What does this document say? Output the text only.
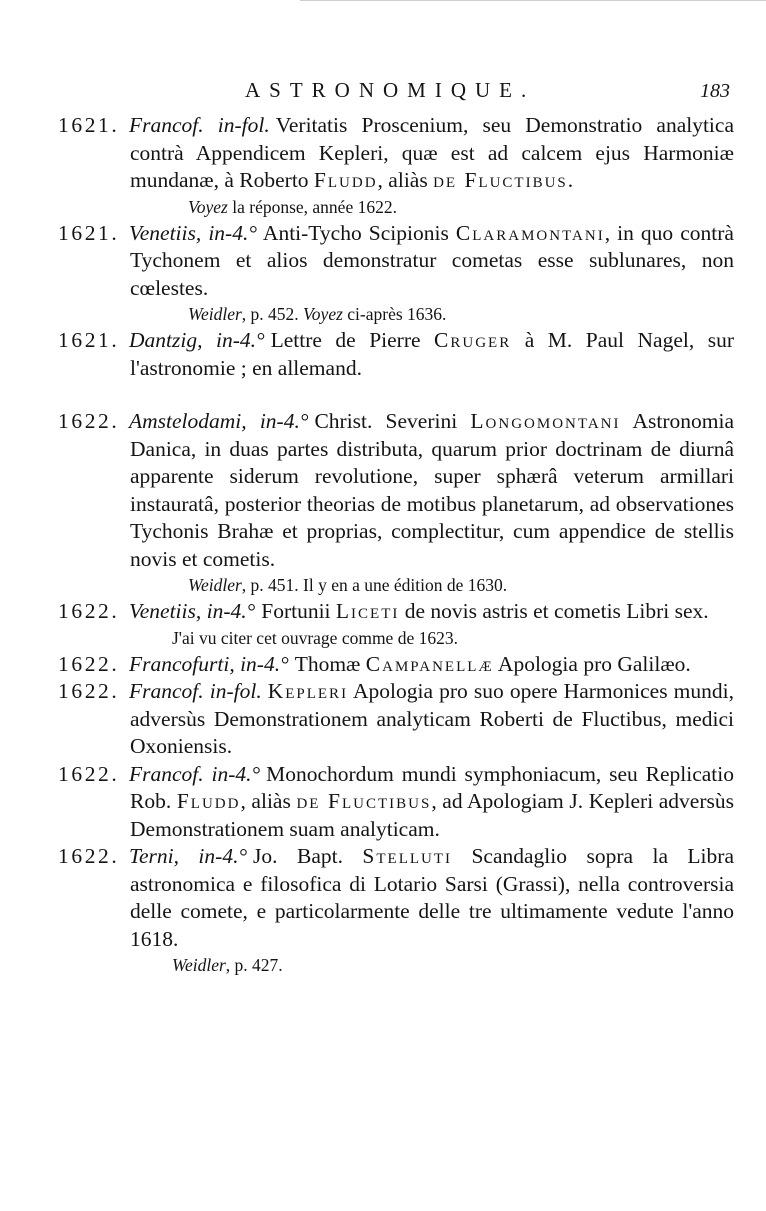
ASTRONOMIQUE.	183
1621. Francof. in-fol. Veritatis Proscenium, seu Demonstratio analytica contrà Appendicem Kepleri, quæ est ad calcem ejus Harmoniæ mundanæ, à Roberto Fludd, aliàs de Fluctibus.
Voyez la réponse, année 1622.
1621. Venetiis, in-4.° Anti-Tycho Scipionis Claramontani, in quo contrà Tychonem et alios demonstratur cometas esse sublunares, non cœlestes.
Weidler, p. 452. Voyez ci-après 1636.
1621. Dantzig, in-4.° Lettre de Pierre Cruger à M. Paul Nagel, sur l'astronomie ; en allemand.
1622. Amstelodami, in-4.° Christ. Severini Longomontani Astronomia Danica, in duas partes distributa, quarum prior doctrinam de diurnâ apparente siderum revolutione, super sphærâ veterum armillari instauratâ, posterior theorias de motibus planetarum, ad observationes Tychonis Brahæ et proprias, complectitur, cum appendice de stellis novis et cometis.
Weidler, p. 451. Il y en a une édition de 1630.
1622. Venetiis, in-4.° Fortunii Liceti de novis astris et cometis Libri sex.
J'ai vu citer cet ouvrage comme de 1623.
1622. Francofurti, in-4.° Thomæ Campanellæ Apologia pro Galilæo.
1622. Francof. in-fol. Kepleri Apologia pro suo opere Harmonices mundi, adversùs Demonstrationem analyticam Roberti de Fluctibus, medici Oxoniensis.
1622. Francof. in-4.° Monochordum mundi symphoniacum, seu Replicatio Rob. Fludd, aliàs de Fluctibus, ad Apologiam J. Kepleri adversùs Demonstrationem suam analyticam.
1622. Terni, in-4.° Jo. Bapt. Stelluti Scandaglio sopra la Libra astronomica e filosofica di Lotario Sarsi (Grassi), nella controversia delle comete, e particolarmente delle tre ultimamente vedute l'anno 1618.
Weidler, p. 427.
